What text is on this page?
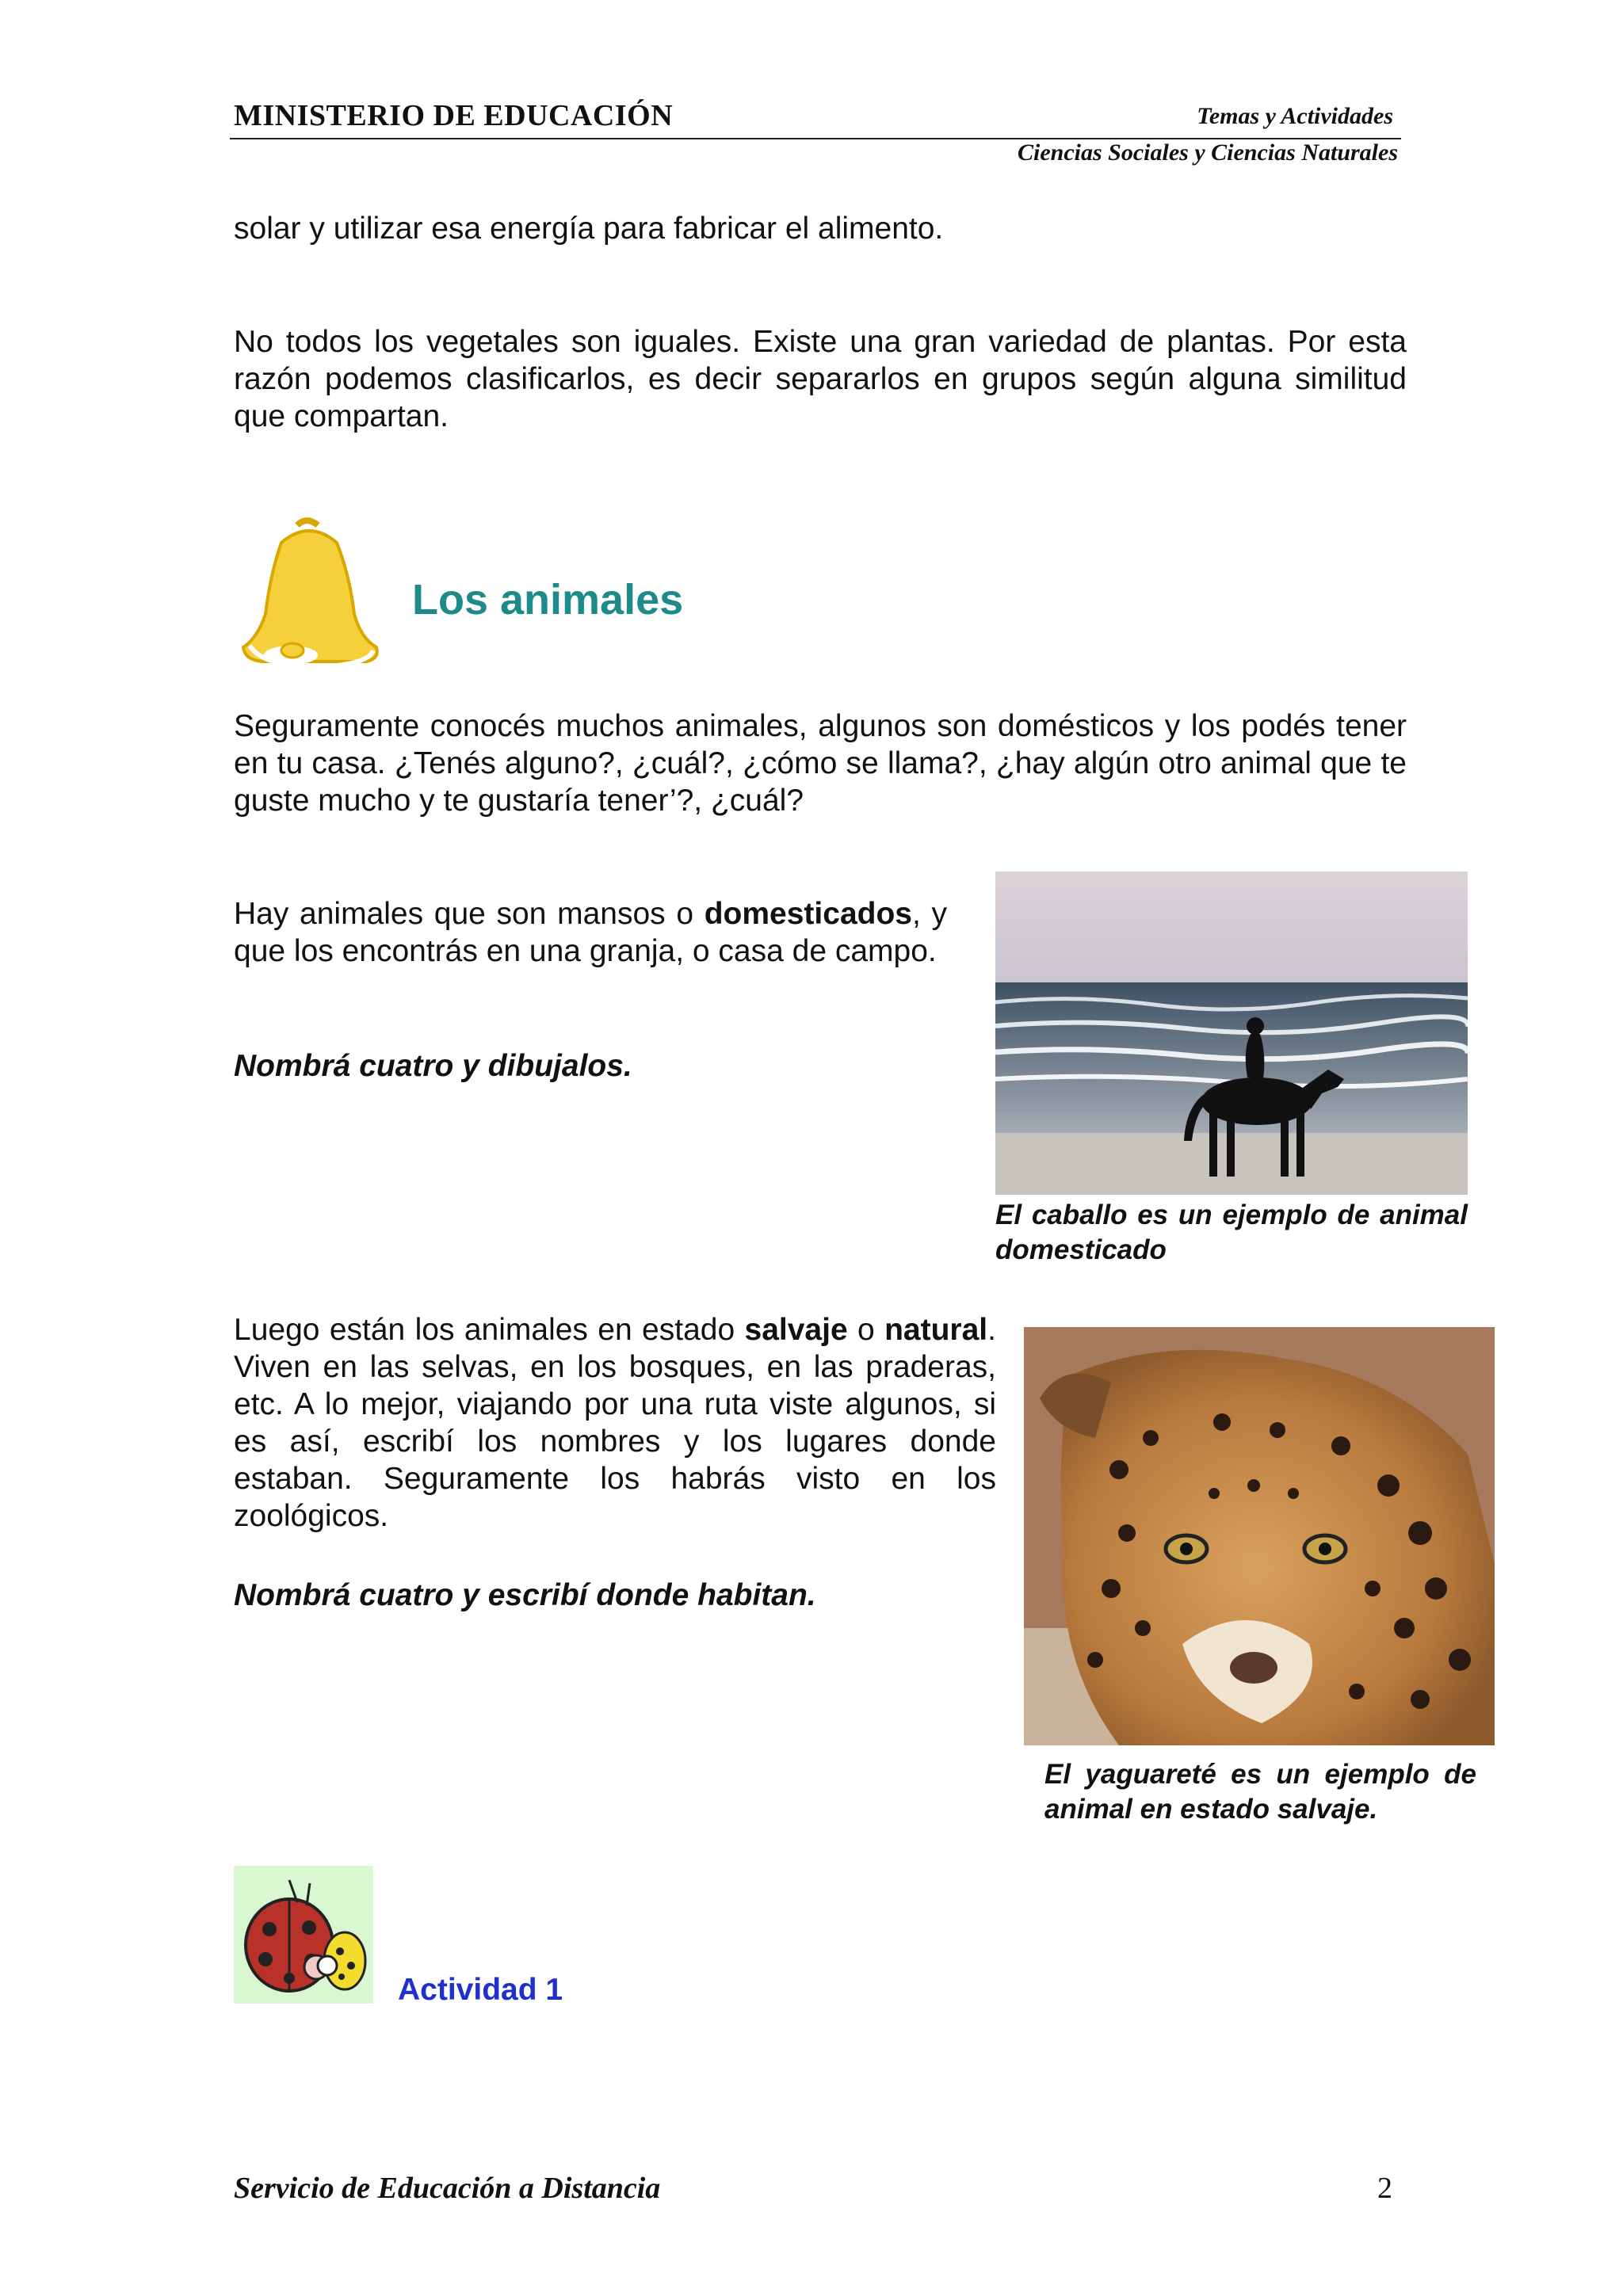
MINISTERIO DE EDUCACIÓN	Temas y Actividades
Ciencias Sociales y Ciencias Naturales
solar y utilizar esa energía para fabricar el alimento.
No todos los vegetales son iguales. Existe una gran variedad de plantas. Por esta razón podemos clasificarlos, es decir separarlos en grupos según alguna similitud que compartan.
Los animales
Seguramente conocés muchos animales, algunos son domésticos y los podés tener en tu casa. ¿Tenés alguno?, ¿cuál?, ¿cómo se llama?, ¿hay algún otro animal que te guste mucho y te gustaría tener’?, ¿cuál?
Hay animales que son mansos o domesticados, y que los encontrás en una granja, o casa de campo.
Nombrá cuatro y dibujalos.
El caballo es un ejemplo de animal domesticado
Luego están los animales en estado salvaje o natural. Viven en las selvas, en los bosques, en las praderas, etc. A lo mejor, viajando por una ruta viste algunos, si es así, escribí los nombres y los lugares donde estaban. Seguramente los habrás visto en los zoológicos.
Nombrá cuatro y escribí donde habitan.
El yaguareté es un ejemplo de animal en estado salvaje.
Actividad 1
Servicio de Educación a Distancia	2
